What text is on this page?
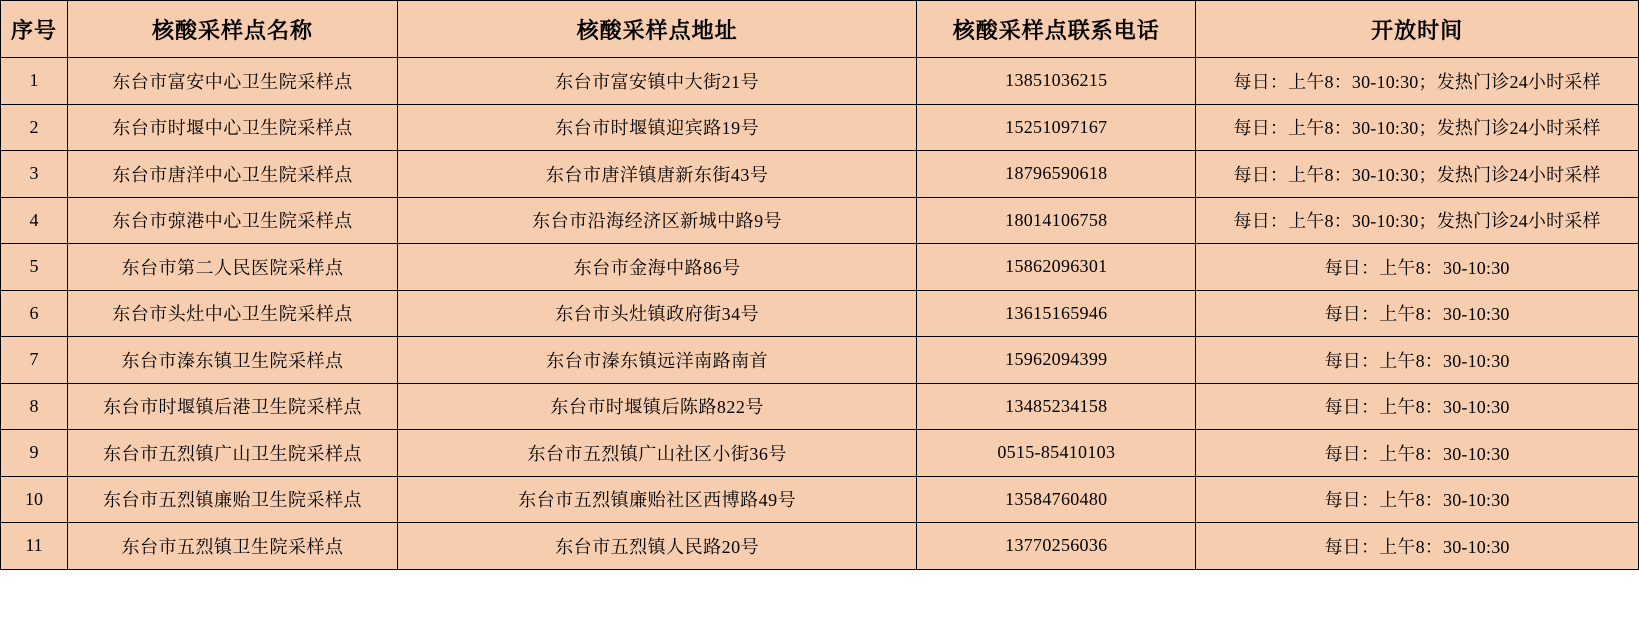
序号	核酸采样点名称	核酸采样点地址	核酸采样点联系电话	开放时间
1	东台市富安中心卫生院采样点	东台市富安镇中大街21号	13851036215	每日：上午8：30-10:30；发热门诊24小时采样
2	东台市时堰中心卫生院采样点	东台市时堰镇迎宾路19号	15251097167	每日：上午8：30-10:30；发热门诊24小时采样
3	东台市唐洋中心卫生院采样点	东台市唐洋镇唐新东街43号	18796590618	每日：上午8：30-10:30；发热门诊24小时采样
4	东台市弶港中心卫生院采样点	东台市沿海经济区新城中路9号	18014106758	每日：上午8：30-10:30；发热门诊24小时采样
5	东台市第二人民医院采样点	东台市金海中路86号	15862096301	每日：上午8：30-10:30
6	东台市头灶中心卫生院采样点	东台市头灶镇政府街34号	13615165946	每日：上午8：30-10:30
7	东台市溱东镇卫生院采样点	东台市溱东镇远洋南路南首	15962094399	每日：上午8：30-10:30
8	东台市时堰镇后港卫生院采样点	东台市时堰镇后陈路822号	13485234158	每日：上午8：30-10:30
9	东台市五烈镇广山卫生院采样点	东台市五烈镇广山社区小街36号	0515-85410103	每日：上午8：30-10:30
10	东台市五烈镇廉贻卫生院采样点	东台市五烈镇廉贻社区西博路49号	13584760480	每日：上午8：30-10:30
11	东台市五烈镇卫生院采样点	东台市五烈镇人民路20号	13770256036	每日：上午8：30-10:30
